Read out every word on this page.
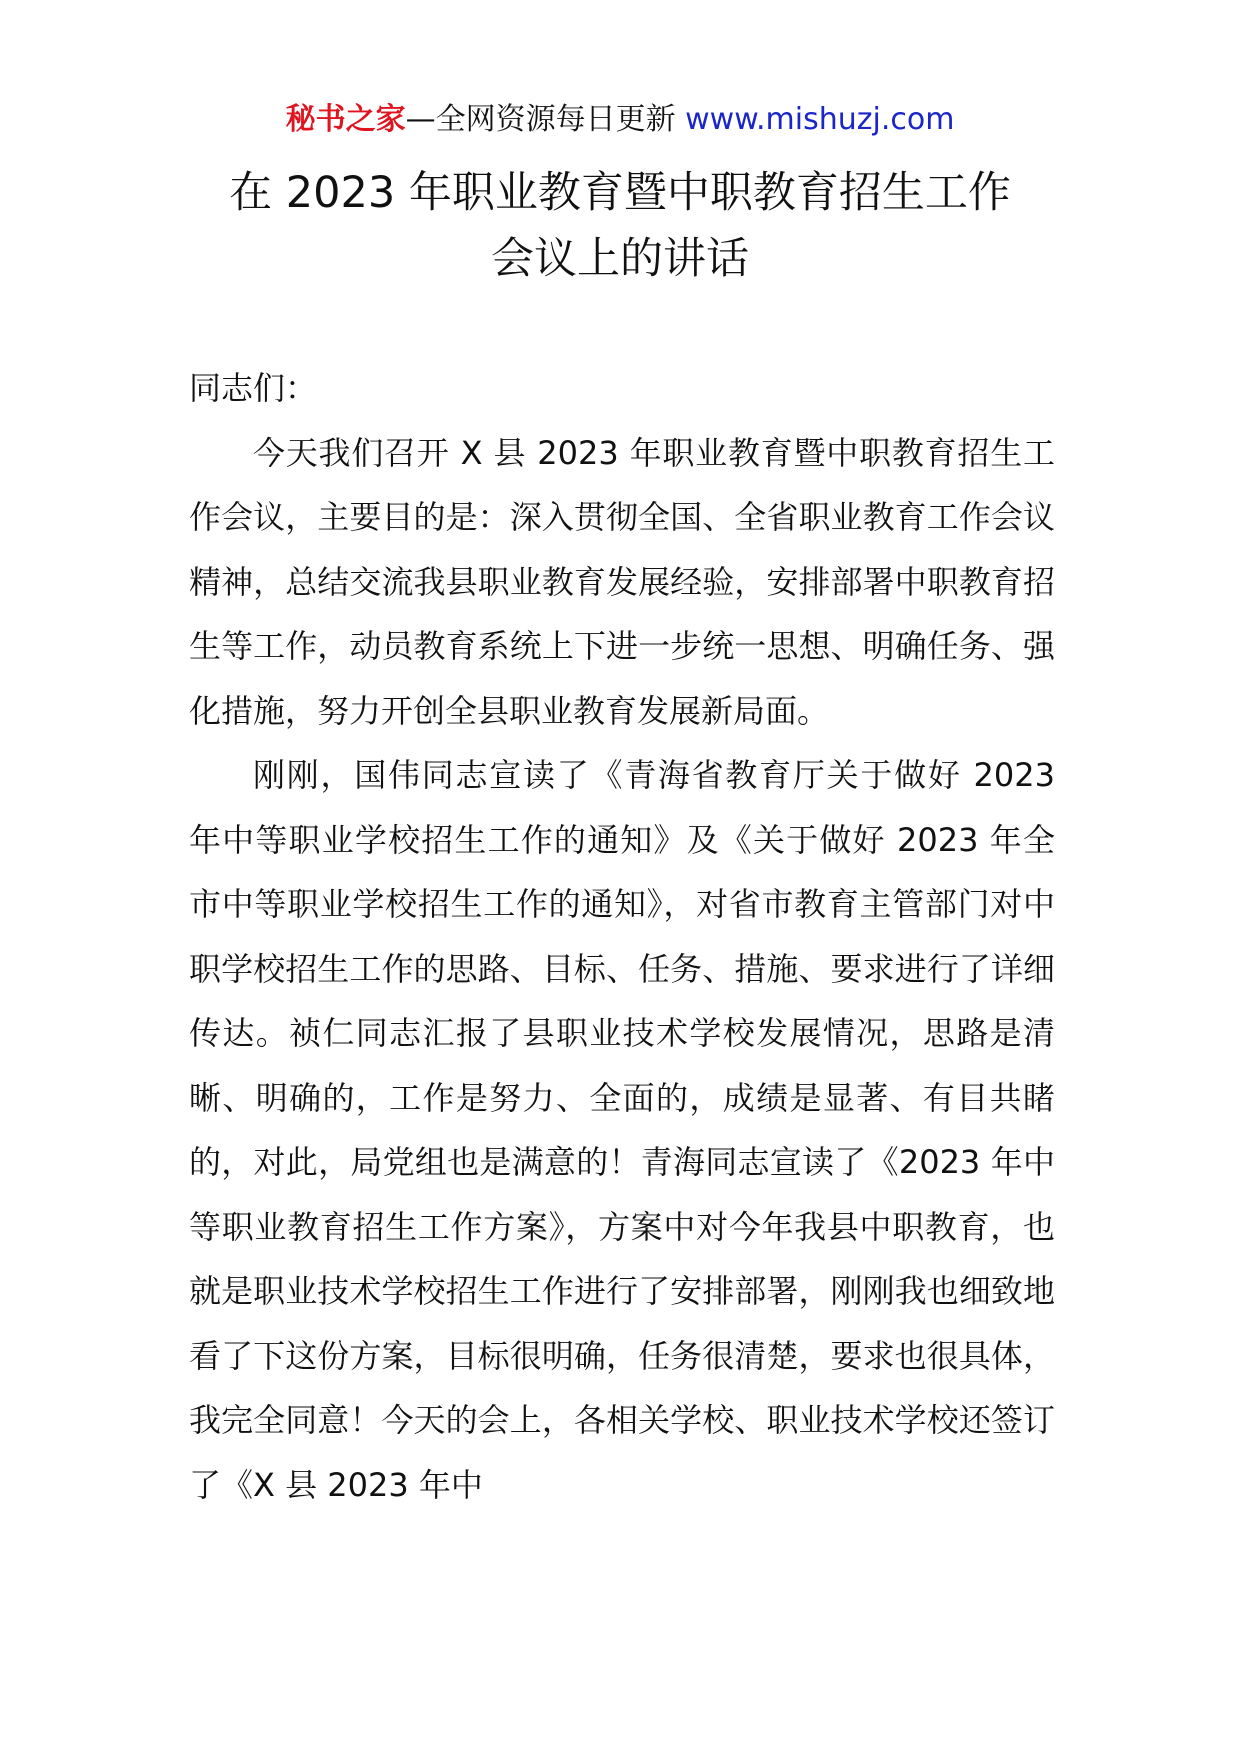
秘书之家—全网资源每日更新 www.mishuzj.com
在 2023 年职业教育暨中职教育招生工作
会议上的讲话

同志们：

今天我们召开 X 县 2023 年职业教育暨中职教育招生工作会议，主要目的是：深入贯彻全国、全省职业教育工作会议精神，总结交流我县职业教育发展经验，安排部署中职教育招生等工作，动员教育系统上下进一步统一思想、明确任务、强化措施，努力开创全县职业教育发展新局面。

刚刚，国伟同志宣读了《青海省教育厅关于做好 2023 年中等职业学校招生工作的通知》及《关于做好 2023 年全市中等职业学校招生工作的通知》，对省市教育主管部门对中职学校招生工作的思路、目标、任务、措施、要求进行了详细传达。祯仁同志汇报了县职业技术学校发展情况，思路是清晰、明确的，工作是努力、全面的，成绩是显著、有目共睹的，对此，局党组也是满意的！青海同志宣读了《2023 年中等职业教育招生工作方案》，方案中对今年我县中职教育，也就是职业技术学校招生工作进行了安排部署，刚刚我也细致地看了下这份方案，目标很明确，任务很清楚，要求也很具体，我完全同意！今天的会上，各相关学校、职业技术学校还签订了《X 县 2023 年中
